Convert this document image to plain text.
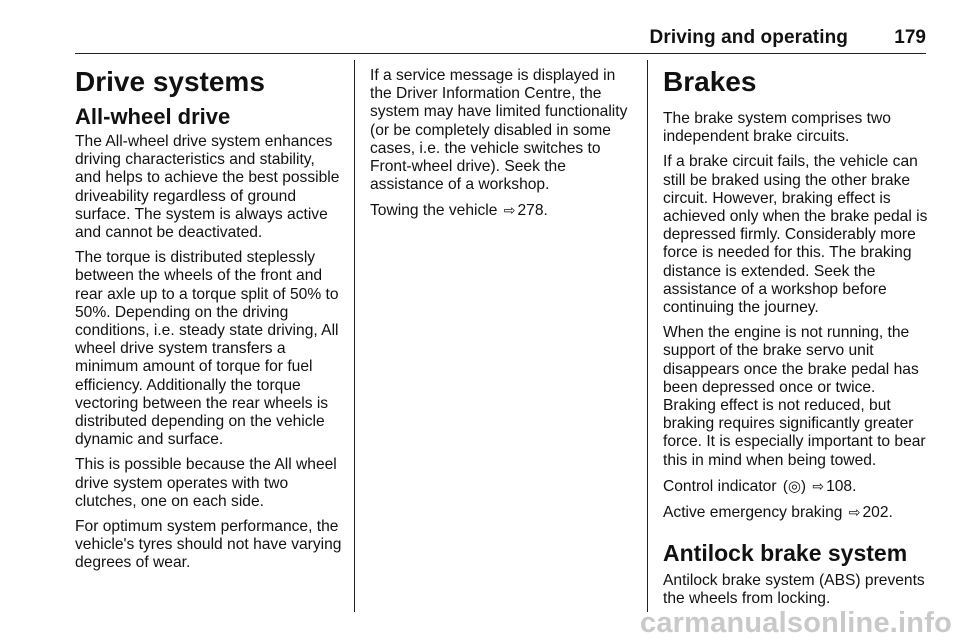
Driving and operating 179
Drive systems
All-wheel drive

The All-wheel drive system enhances driving characteristics and stability, and helps to achieve the best possible driveability regardless of ground surface. The system is always active and cannot be deactivated.

The torque is distributed steplessly between the wheels of the front and rear axle up to a torque split of 50% to 50%. Depending on the driving conditions, i.e. steady state driving, All wheel drive system transfers a minimum amount of torque for fuel efficiency. Additionally the torque vectoring between the rear wheels is distributed depending on the vehicle dynamic and surface.

This is possible because the All wheel drive system operates with two clutches, one on each side.

For optimum system performance, the vehicle's tyres should not have varying degrees of wear.

If a service message is displayed in the Driver Information Centre, the system may have limited functionality (or be completely disabled in some cases, i.e. the vehicle switches to Front-wheel drive). Seek the assistance of a workshop.

Towing the vehicle ⇨ 278.

Brakes

The brake system comprises two independent brake circuits.

If a brake circuit fails, the vehicle can still be braked using the other brake circuit. However, braking effect is achieved only when the brake pedal is depressed firmly. Considerably more force is needed for this. The braking distance is extended. Seek the assistance of a workshop before continuing the journey.

When the engine is not running, the support of the brake servo unit disappears once the brake pedal has been depressed once or twice. Braking effect is not reduced, but braking requires significantly greater force. It is especially important to bear this in mind when being towed.

Control indicator (◎) ⇨ 108.

Active emergency braking ⇨ 202.

Antilock brake system

Antilock brake system (ABS) prevents the wheels from locking.

carmanualsonline.info
